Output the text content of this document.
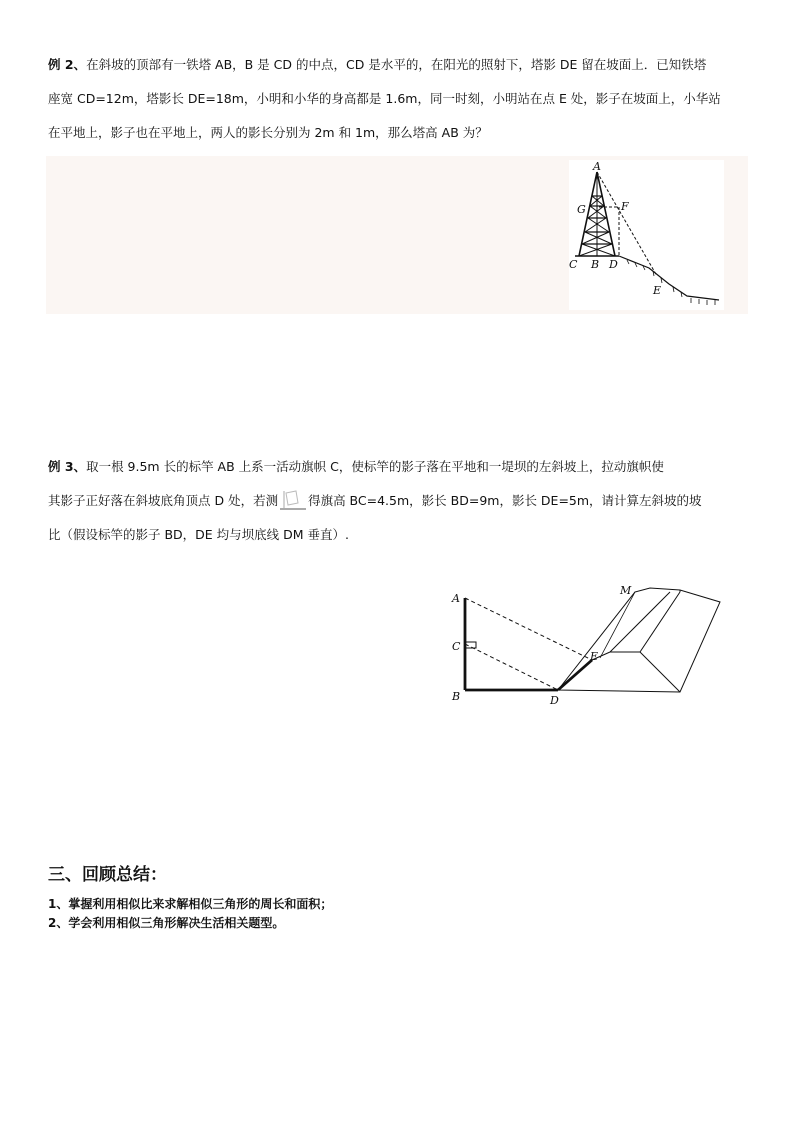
例 2、在斜坡的顶部有一铁塔 AB，B 是 CD 的中点，CD 是水平的，在阳光的照射下，塔影 DE 留在坡面上．已知铁塔
座宽 CD=12m，塔影长 DE=18m，小明和小华的身高都是 1.6m，同一时刻，小明站在点 E 处，影子在坡面上，小华站
在平地上，影子也在平地上，两人的影长分别为 2m 和 1m，那么塔高 AB 为？
A
G	F
C B D
E
例 3、取一根 9.5m 长的标竿 AB 上系一活动旗帜 C，使标竿的影子落在平地和一堤坝的左斜坡上，拉动旗帜使
其影子正好落在斜坡底角顶点 D 处，若测 得旗高 BC=4.5m，影长 BD=9m，影长 DE=5m，请计算左斜坡的坡
比（假设标竿的影子 BD，DE 均与坝底线 DM 垂直）.
A
C
B	D
E
M
三、回顾总结：
1、掌握利用相似比来求解相似三角形的周长和面积；
2、学会利用相似三角形解决生活相关题型。
